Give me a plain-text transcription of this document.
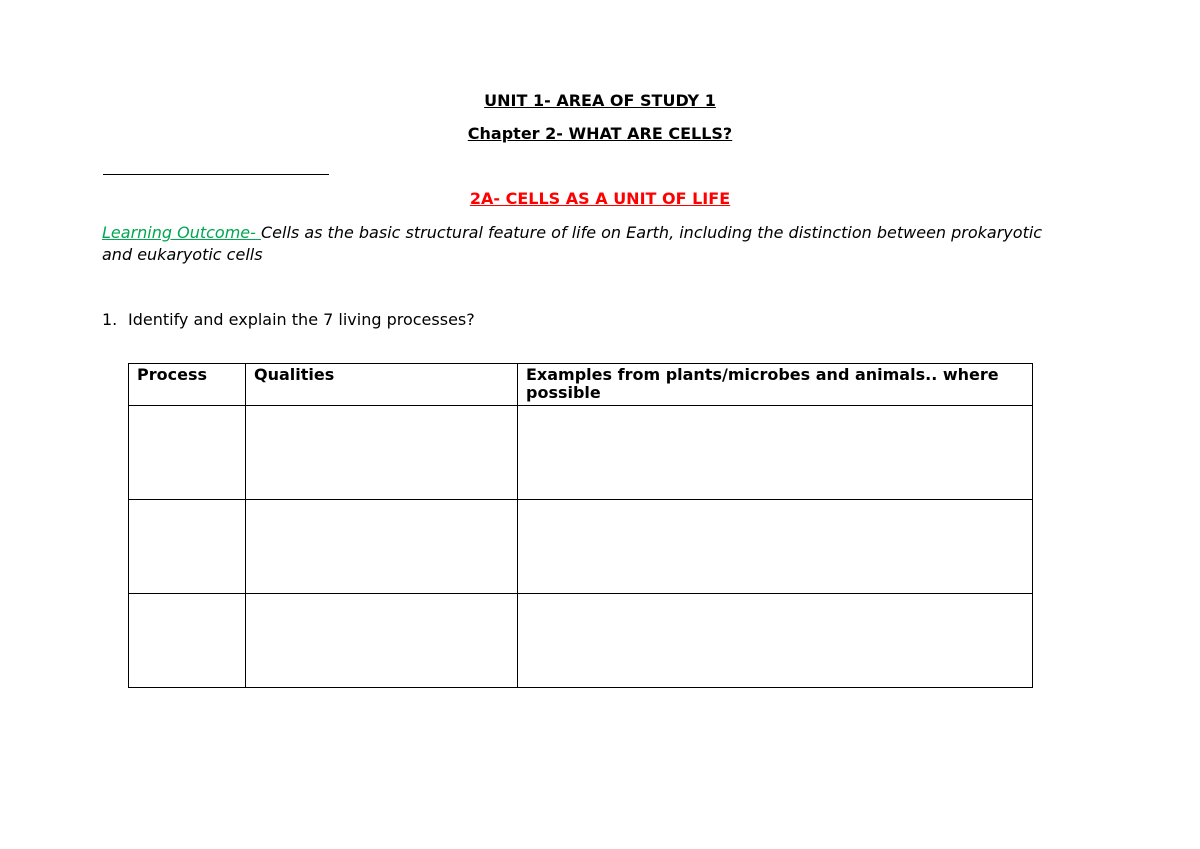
UNIT 1- AREA OF STUDY 1
Chapter 2- WHAT ARE CELLS?
2A- CELLS AS A UNIT OF LIFE
Learning Outcome- Cells as the basic structural feature of life on Earth, including the distinction between prokaryotic and eukaryotic cells
1. Identify and explain the 7 living processes?
Process	Qualities	Examples from plants/microbes and animals.. where possible
